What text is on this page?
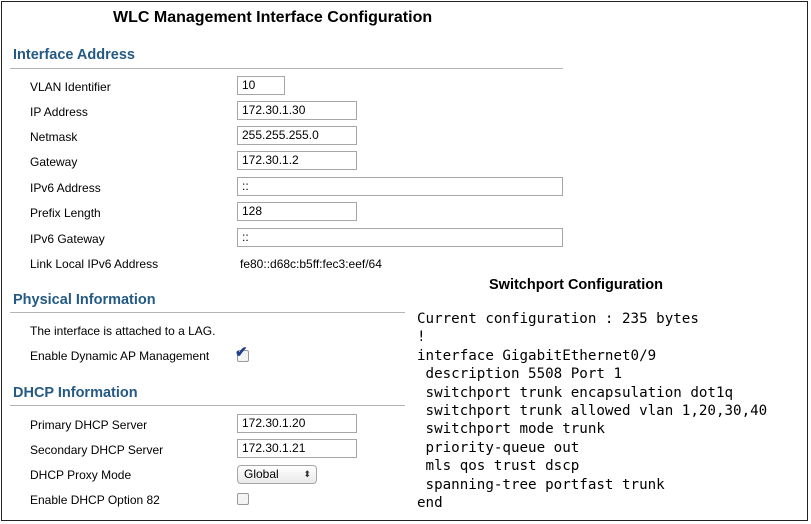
WLC Management Interface Configuration
Interface Address
VLAN Identifier	10
IP Address	172.30.1.30
Netmask	255.255.255.0
Gateway	172.30.1.2
IPv6 Address	::
Prefix Length	128
IPv6 Gateway	::
Link Local IPv6 Address	fe80::d68c:b5ff:fec3:eef/64
Physical Information
The interface is attached to a LAG.
Enable Dynamic AP Management ✔
DHCP Information
Primary DHCP Server	172.30.1.20
Secondary DHCP Server	172.30.1.21
DHCP Proxy Mode	Global	⬍
Enable DHCP Option 82
Switchport Configuration
Current configuration : 235 bytes
!
interface GigabitEthernet0/9
description 5508 Port 1
switchport trunk encapsulation dot1q
switchport trunk allowed vlan 1,20,30,40
switchport mode trunk
priority-queue out
mls qos trust dscp
spanning-tree portfast trunk
end
